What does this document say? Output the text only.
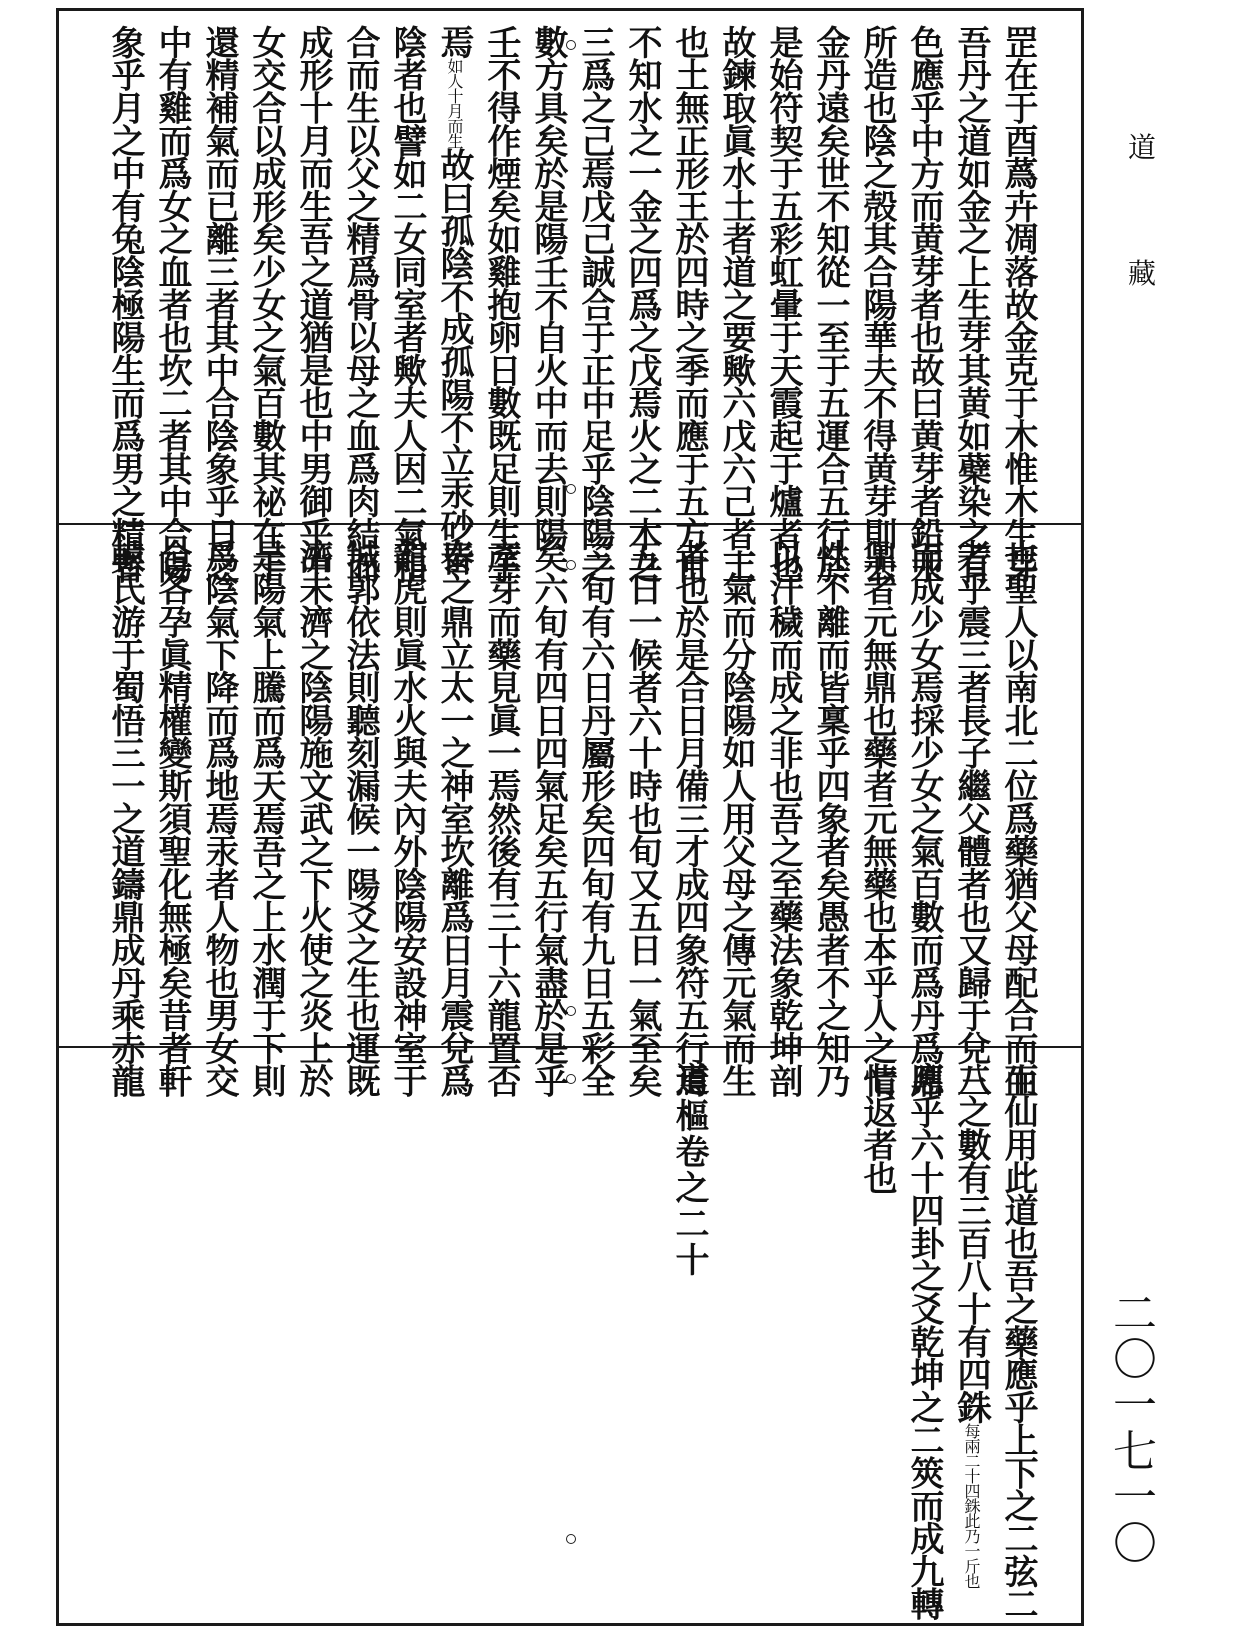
道
藏
二〇一七一〇
罡在于酉蔿卉凋落故金克于木惟木生芽
吾丹之道如金之上生芽其黄如蘗染之有
色應乎中方而黄芽者也故曰黄芽者鉛汞
所造也陰之殻其合陽華夫不得黄芽則去
金丹遠矣世不知從一至于五運合五行於
是始符契于五彩虹暈于天霞起于爐者也
故鍊取眞水土者道之要歟六戊六己者土
也土無正形王於四時之季而應于五方丗
不知水之一金之四爲之戊焉火之二木之
三爲之己焉戊己誠合于正中足乎陰陽之
數方具矣於是陽壬不自火中而去則陽
壬不得作煙矣如雞抱卵日數既足則生子
焉如人十月而生故曰孤陰不成孤陽不立汞砂皆
陰者也譬如二女同室者歟夫人因二氣和
合而生以父之精爲骨以母之血爲肉結而
成形十月而生吾之道猶是也中男御乎中
女交合以成形矣少女之氣百數其祕在于
還精補氣而已離三者其中合陰象乎日之
中有雞而爲女之血者也坎二者其中合陽
象乎月之中有兔陰極陽生而爲男之精者
也聖人以南北二位爲藥猶父母配合而生
者乎震三者長子繼父體者也又歸于兌三
而成少女焉採少女之氣百數而爲丹爲鼎
鼎者元無鼎也藥者元無藥也本乎人之情
性不離而皆稟乎四象者矣愚者不之知乃
以汗穢而成之非也吾之至藥法象乾坤剖
一氣而分陰陽如人用父母之傳元氣而生
者也於是合日月備三才成四象符五行焉
五日一候者六十時也旬又五日一氣至矣
三旬有六日丹屬形矣四旬有九日五彩全
矣六旬有四日四氣足矣五行氣盡於是乎
產芽而藥見眞一焉然後有三十六龍置否
泰之鼎立太一之神室坎離爲日月震兌爲
龍虎則眞水火與夫內外陰陽安設神室于
城郭依法則聽刻漏候一陽爻之生也運既
濟未濟之陰陽施文武之下火使之炎上於
是陽氣上騰而爲天焉吾之上水潤于下則
爲陰氣下降而爲地焉汞者人物也男女交
合各孕眞精權變斯須聖化無極矣昔者軒
轅氏游于蜀悟三一之道鑄鼎成丹乘赤龍
而仙用此道也吾之藥應乎上下之二弦二
八之數有三百八十有四銖每兩二十四銖此乃一斤也
應乎六十四卦之爻乾坤之二筴而成九轉
七返者也
道樞卷之二十
